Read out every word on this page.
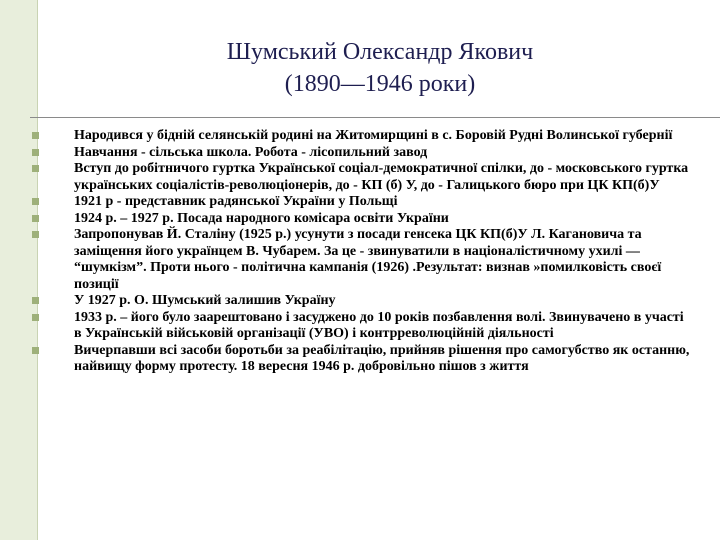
Шумський Олександр Якович
(1890—1946 роки)
Народився у бідній селянській родині на Житомирщині в с. Боровій Рудні Волинської губернії
Навчання - сільська школа. Робота - лісопильний завод
Вступ до робітничого гуртка Української соціал-демократичної спілки, до - московського гуртка українських соціалістів-революціонерів, до - КП (б) У, до - Галицького бюро при ЦК КП(б)У
1921 р - представник радянської України у Польщі
1924 р. – 1927 р. Посада народного комісара освіти України
Запропонував Й. Сталіну (1925 р.) усунути з посади генсека ЦК КП(б)У Л. Кагановича та заміщення його українцем В. Чубарем. За це - звинуватили в націоналістичному ухилі — “шумкізм”. Проти нього - політична кампанія (1926) .Результат: визнав »помилковість своєї позиції
У 1927 р. О. Шумський залишив Україну
1933 р. – його було заарештовано і засуджено до 10 років позбавлення волі. Звинувачено в участі в Українській військовій організації (УВО) і контрреволюційній діяльності
Вичерпавши всі засоби боротьби за реабілітацію, прийняв рішення про самогубство як останню, найвищу форму протесту. 18 вересня 1946 р. добровільно пішов з життя
